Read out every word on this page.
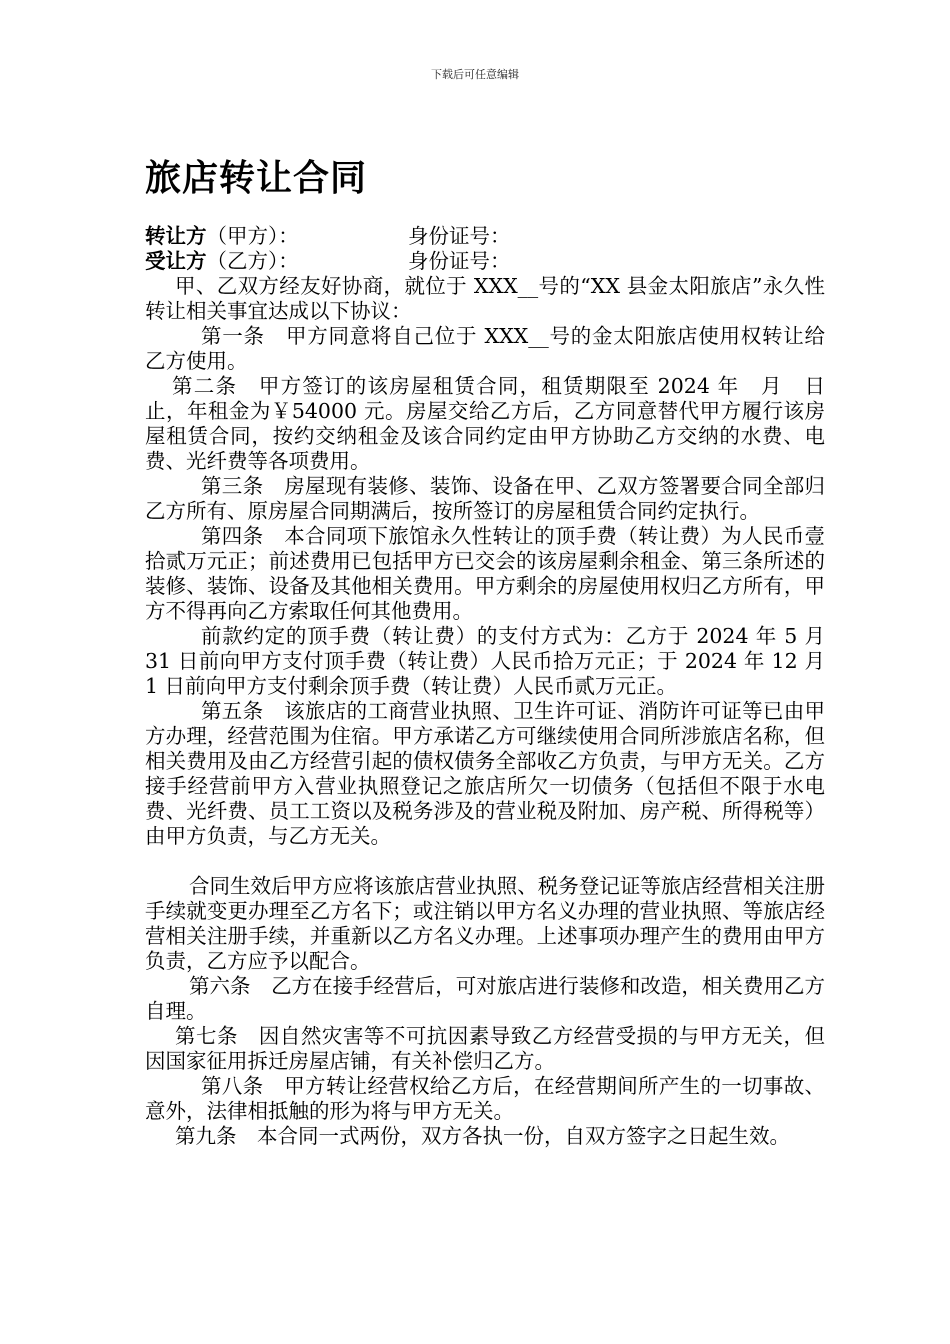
下载后可任意编辑
旅店转让合同
转让方（甲方）：	身份证号：
受让方（乙方）：	身份证号：

甲、乙双方经友好协商，就位于 XXX__号的“XX 县金太阳旅店”永久性转让相关事宜达成以下协议：

第一条　甲方同意将自己位于 XXX__号的金太阳旅店使用权转让给乙方使用。

第二条　甲方签订的该房屋租赁合同，租赁期限至 2024 年　月　日止，年租金为￥54000 元。房屋交给乙方后，乙方同意替代甲方履行该房屋租赁合同，按约交纳租金及该合同约定由甲方协助乙方交纳的水费、电费、光纤费等各项费用。

第三条　房屋现有装修、装饰、设备在甲、乙双方签署要合同全部归乙方所有、原房屋合同期满后，按所签订的房屋租赁合同约定执行。

第四条　本合同项下旅馆永久性转让的顶手费（转让费）为人民币壹拾贰万元正；前述费用已包括甲方已交会的该房屋剩余租金、第三条所述的装修、装饰、设备及其他相关费用。甲方剩余的房屋使用权归乙方所有，甲方不得再向乙方索取任何其他费用。

前款约定的顶手费（转让费）的支付方式为：乙方于 2024 年 5 月 31 日前向甲方支付顶手费（转让费）人民币拾万元正；于 2024 年 12 月 1 日前向甲方支付剩余顶手费（转让费）人民币贰万元正。

第五条　该旅店的工商营业执照、卫生许可证、消防许可证等已由甲方办理，经营范围为住宿。甲方承诺乙方可继续使用合同所涉旅店名称，但相关费用及由乙方经营引起的债权债务全部收乙方负责，与甲方无关。乙方接手经营前甲方入营业执照登记之旅店所欠一切债务（包括但不限于水电费、光纤费、员工工资以及税务涉及的营业税及附加、房产税、所得税等）由甲方负责，与乙方无关。

合同生效后甲方应将该旅店营业执照、税务登记证等旅店经营相关注册手续就变更办理至乙方名下；或注销以甲方名义办理的营业执照、等旅店经营相关注册手续，并重新以乙方名义办理。上述事项办理产生的费用由甲方负责，乙方应予以配合。

第六条　乙方在接手经营后，可对旅店进行装修和改造，相关费用乙方自理。

第七条　因自然灾害等不可抗因素导致乙方经营受损的与甲方无关，但因国家征用拆迁房屋店铺，有关补偿归乙方。

第八条　甲方转让经营权给乙方后，在经营期间所产生的一切事故、意外，法律相抵触的形为将与甲方无关。

第九条　本合同一式两份，双方各执一份，自双方签字之日起生效。
